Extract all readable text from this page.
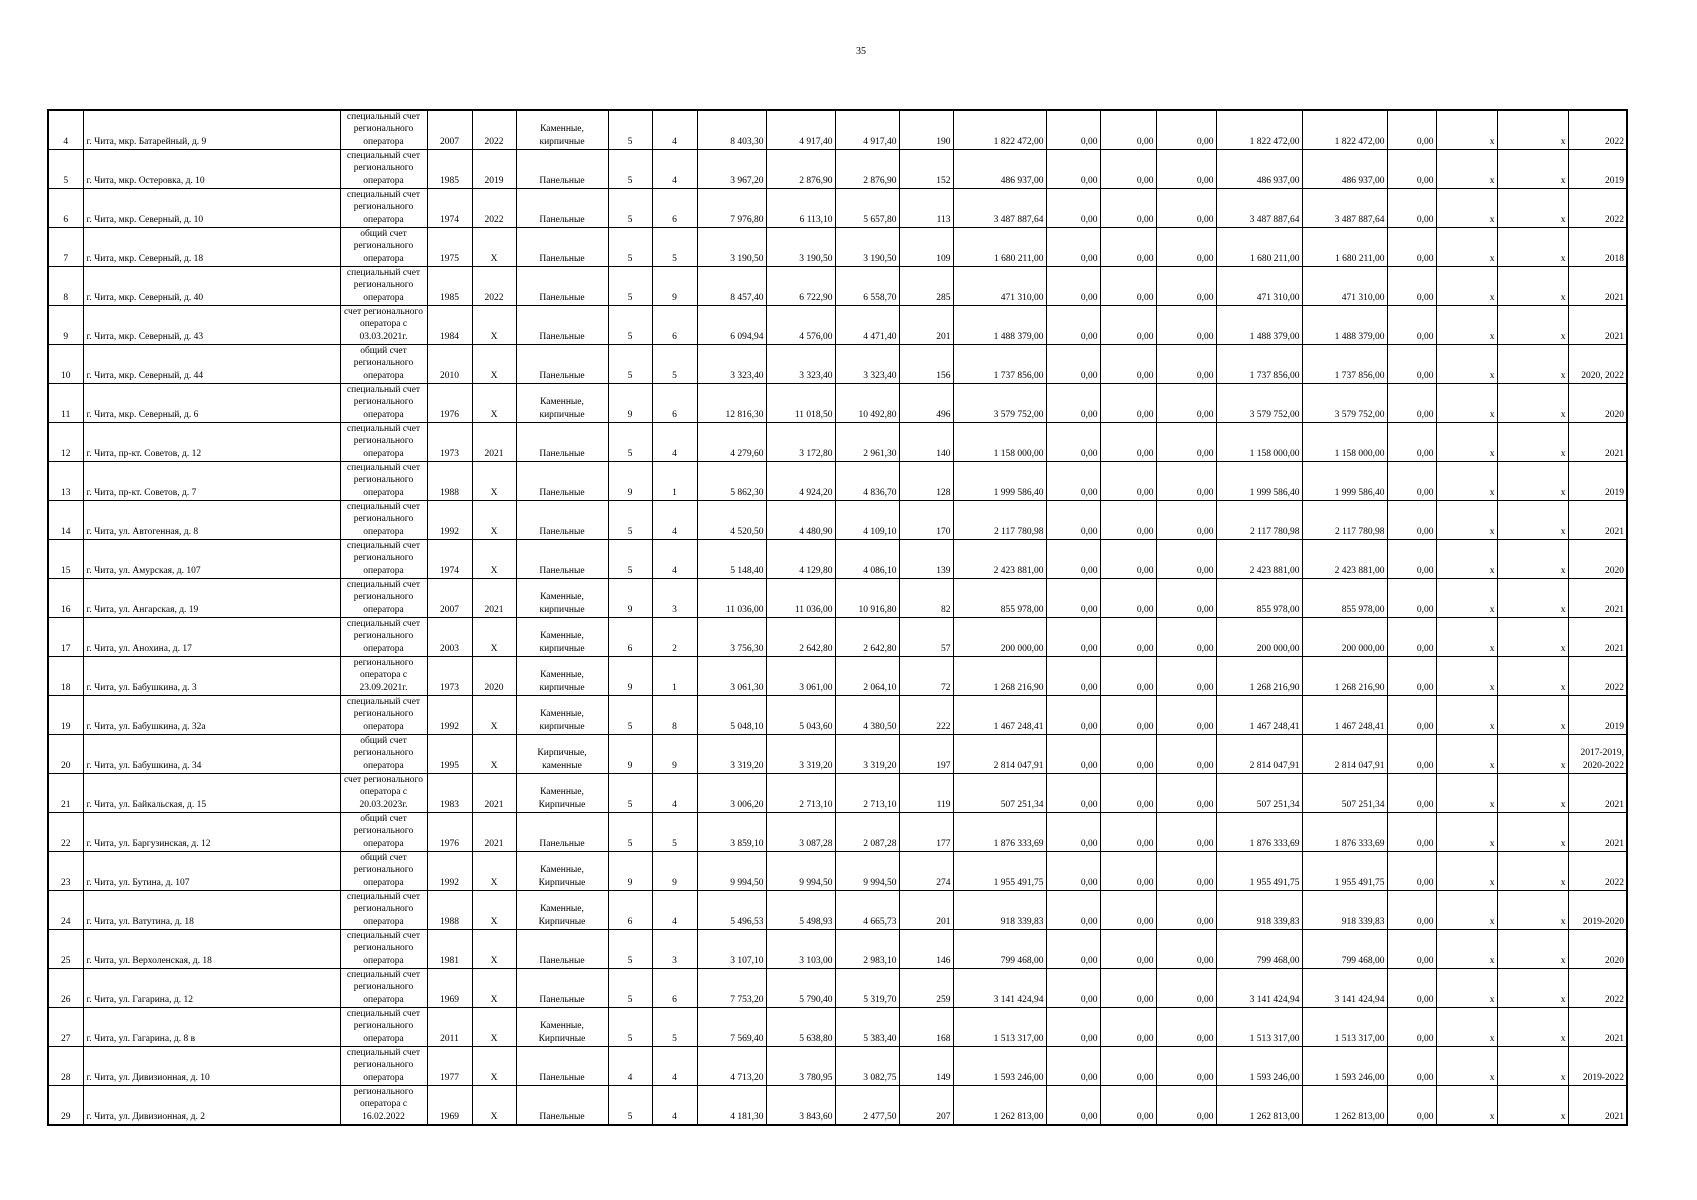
35
4	г. Чита, мкр. Батарейный, д. 9	специальный счет
регионального
оператора	2007	2022	Каменные,
кирпичные	5	4	8 403,30	4 917,40	4 917,40	190	1 822 472,00	0,00	0,00	0,00	1 822 472,00	1 822 472,00	0,00	x	x	2022
5	г. Чита, мкр. Остеровка, д. 10	специальный счет
регионального
оператора	1985	2019	Панельные	5	4	3 967,20	2 876,90	2 876,90	152	486 937,00	0,00	0,00	0,00	486 937,00	486 937,00	0,00	x	x	2019
6	г. Чита, мкр. Северный, д. 10	специальный счет
регионального
оператора	1974	2022	Панельные	5	6	7 976,80	6 113,10	5 657,80	113	3 487 887,64	0,00	0,00	0,00	3 487 887,64	3 487 887,64	0,00	x	x	2022
7	г. Чита, мкр. Северный, д. 18	общий счет
регионального
оператора	1975	X	Панельные	5	5	3 190,50	3 190,50	3 190,50	109	1 680 211,00	0,00	0,00	0,00	1 680 211,00	1 680 211,00	0,00	x	x	2018
8	г. Чита, мкр. Северный, д. 40	специальный счет
регионального
оператора	1985	2022	Панельные	5	9	8 457,40	6 722,90	6 558,70	285	471 310,00	0,00	0,00	0,00	471 310,00	471 310,00	0,00	x	x	2021
9	г. Чита, мкр. Северный, д. 43	счет регионального
оператора с
03.03.2021г.	1984	X	Панельные	5	6	6 094,94	4 576,00	4 471,40	201	1 488 379,00	0,00	0,00	0,00	1 488 379,00	1 488 379,00	0,00	x	x	2021
10	г. Чита, мкр. Северный, д. 44	общий счет
регионального
оператора	2010	X	Панельные	5	5	3 323,40	3 323,40	3 323,40	156	1 737 856,00	0,00	0,00	0,00	1 737 856,00	1 737 856,00	0,00	x	x	2020, 2022
11	г. Чита, мкр. Северный, д. 6	специальный счет
регионального
оператора	1976	X	Каменные,
кирпичные	9	6	12 816,30	11 018,50	10 492,80	496	3 579 752,00	0,00	0,00	0,00	3 579 752,00	3 579 752,00	0,00	x	x	2020
12	г. Чита, пр-кт. Советов, д. 12	специальный счет
регионального
оператора	1973	2021	Панельные	5	4	4 279,60	3 172,80	2 961,30	140	1 158 000,00	0,00	0,00	0,00	1 158 000,00	1 158 000,00	0,00	x	x	2021
13	г. Чита, пр-кт. Советов, д. 7	специальный счет
регионального
оператора	1988	X	Панельные	9	1	5 862,30	4 924,20	4 836,70	128	1 999 586,40	0,00	0,00	0,00	1 999 586,40	1 999 586,40	0,00	x	x	2019
14	г. Чита, ул. Автогенная, д. 8	специальный счет
регионального
оператора	1992	X	Панельные	5	4	4 520,50	4 480,90	4 109,10	170	2 117 780,98	0,00	0,00	0,00	2 117 780,98	2 117 780,98	0,00	x	x	2021
15	г. Чита, ул. Амурская, д. 107	специальный счет
регионального
оператора	1974	X	Панельные	5	4	5 148,40	4 129,80	4 086,10	139	2 423 881,00	0,00	0,00	0,00	2 423 881,00	2 423 881,00	0,00	x	x	2020
16	г. Чита, ул. Ангарская, д. 19	специальный счет
регионального
оператора	2007	2021	Каменные,
кирпичные	9	3	11 036,00	11 036,00	10 916,80	82	855 978,00	0,00	0,00	0,00	855 978,00	855 978,00	0,00	x	x	2021
17	г. Чита, ул. Анохина, д. 17	специальный счет
регионального
оператора	2003	X	Каменные,
кирпичные	6	2	3 756,30	2 642,80	2 642,80	57	200 000,00	0,00	0,00	0,00	200 000,00	200 000,00	0,00	x	x	2021
18	г. Чита, ул. Бабушкина, д. 3	регионального
оператора с
23.09.2021г.	1973	2020	Каменные,
кирпичные	9	1	3 061,30	3 061,00	2 064,10	72	1 268 216,90	0,00	0,00	0,00	1 268 216,90	1 268 216,90	0,00	x	x	2022
19	г. Чита, ул. Бабушкина, д. 32а	специальный счет
регионального
оператора	1992	X	Каменные,
кирпичные	5	8	5 048,10	5 043,60	4 380,50	222	1 467 248,41	0,00	0,00	0,00	1 467 248,41	1 467 248,41	0,00	x	x	2019
20	г. Чита, ул. Бабушкина, д. 34	общий счет
регионального
оператора	1995	X	Кирпичные,
каменные	9	9	3 319,20	3 319,20	3 319,20	197	2 814 047,91	0,00	0,00	0,00	2 814 047,91	2 814 047,91	0,00	x	x	2017-2019,
2020-2022
21	г. Чита, ул. Байкальская, д. 15	счет регионального
оператора с
20.03.2023г.	1983	2021	Каменные,
Кирпичные	5	4	3 006,20	2 713,10	2 713,10	119	507 251,34	0,00	0,00	0,00	507 251,34	507 251,34	0,00	x	x	2021
22	г. Чита, ул. Баргузинская, д. 12	общий счет
регионального
оператора	1976	2021	Панельные	5	5	3 859,10	3 087,28	2 087,28	177	1 876 333,69	0,00	0,00	0,00	1 876 333,69	1 876 333,69	0,00	x	x	2021
23	г. Чита, ул. Бутина, д. 107	общий счет
регионального
оператора	1992	X	Каменные,
Кирпичные	9	9	9 994,50	9 994,50	9 994,50	274	1 955 491,75	0,00	0,00	0,00	1 955 491,75	1 955 491,75	0,00	x	x	2022
24	г. Чита, ул. Ватутина, д. 18	специальный счет
регионального
оператора	1988	X	Каменные,
Кирпичные	6	4	5 496,53	5 498,93	4 665,73	201	918 339,83	0,00	0,00	0,00	918 339,83	918 339,83	0,00	x	x	2019-2020
25	г. Чита, ул. Верхоленская, д. 18	специальный счет
регионального
оператора	1981	X	Панельные	5	3	3 107,10	3 103,00	2 983,10	146	799 468,00	0,00	0,00	0,00	799 468,00	799 468,00	0,00	x	x	2020
26	г. Чита, ул. Гагарина, д. 12	специальный счет
регионального
оператора	1969	X	Панельные	5	6	7 753,20	5 790,40	5 319,70	259	3 141 424,94	0,00	0,00	0,00	3 141 424,94	3 141 424,94	0,00	x	x	2022
27	г. Чита, ул. Гагарина, д. 8 в	специальный счет
регионального
оператора	2011	X	Каменные,
Кирпичные	5	5	7 569,40	5 638,80	5 383,40	168	1 513 317,00	0,00	0,00	0,00	1 513 317,00	1 513 317,00	0,00	x	x	2021
28	г. Чита, ул. Дивизионная, д. 10	специальный счет
регионального
оператора	1977	X	Панельные	4	4	4 713,20	3 780,95	3 082,75	149	1 593 246,00	0,00	0,00	0,00	1 593 246,00	1 593 246,00	0,00	x	x	2019-2022
29	г. Чита, ул. Дивизионная, д. 2	регионального
оператора с
16.02.2022	1969	X	Панельные	5	4	4 181,30	3 843,60	2 477,50	207	1 262 813,00	0,00	0,00	0,00	1 262 813,00	1 262 813,00	0,00	x	x	2021
